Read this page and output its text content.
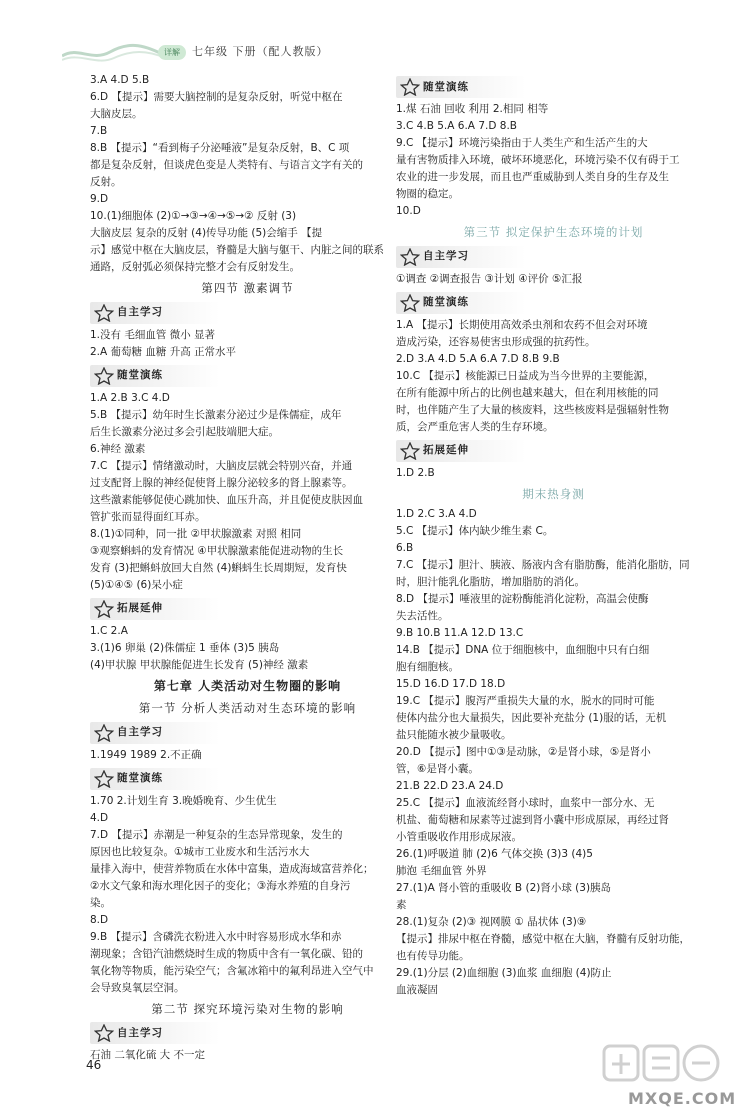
详解	七年级 下册（配人教版）
3.A 4.D 5.B
6.D 【提示】需要大脑控制的是复杂反射，听觉中枢在
大脑皮层。
7.B
8.B 【提示】“看到梅子分泌唾液”是复杂反射，B、C 项
都是复杂反射，但谈虎色变是人类特有、与语言文字有关的
反射。
9.D
10.(1)细胞体 (2)①→③→④→⑤→② 反射 (3)
大脑皮层 复杂的反射 (4)传导功能 (5)会缩手 【提
示】感觉中枢在大脑皮层，脊髓是大脑与躯干、内脏之间的联系
通路，反射弧必须保持完整才会有反射发生。
第四节 激素调节
自主学习
1.没有 毛细血管 微小 显著
2.A 葡萄糖 血糖 升高 正常水平
随堂演练
1.A 2.B 3.C 4.D
5.B 【提示】幼年时生长激素分泌过少是侏儒症，成年
后生长激素分泌过多会引起肢端肥大症。
6.神经 激素
7.C 【提示】情绪激动时，大脑皮层就会特别兴奋，并通
过支配肾上腺的神经促使肾上腺分泌较多的肾上腺素等。
这些激素能够促使心跳加快、血压升高，并且促使皮肤因血
管扩张而显得面红耳赤。
8.(1)①同种，同一批 ②甲状腺激素 对照 相同
③观察蝌蚪的发育情况 ④甲状腺激素能促进动物的生长
发育 (3)把蝌蚪放回大自然 (4)蝌蚪生长周期短，发育快
(5)①④⑤ (6)呆小症
拓展延伸
1.C 2.A
3.(1)6 卵巢 (2)侏儒症 1 垂体 (3)5 胰岛
(4)甲状腺 甲状腺能促进生长发育 (5)神经 激素
第七章 人类活动对生物圈的影响
第一节 分析人类活动对生态环境的影响
自主学习
1.1949 1989 2.不正确
随堂演练
1.70 2.计划生育 3.晚婚晚育、少生优生
4.D
7.D 【提示】赤潮是一种复杂的生态异常现象，发生的
原因也比较复杂。①城市工业废水和生活污水大
量排入海中，使营养物质在水体中富集，造成海域富营养化；
②水文气象和海水理化因子的变化；③海水养殖的自身污
染。
8.D
9.B 【提示】含磷洗衣粉进入水中时容易形成水华和赤
潮现象；含铅汽油燃烧时生成的物质中含有一氧化碳、铅的
氧化物等物质，能污染空气；含氟冰箱中的氟利昂进入空气中
会导致臭氧层空洞。
第二节 探究环境污染对生物的影响
自主学习
石油 二氧化硫 大 不一定
随堂演练
1.煤 石油 回收 利用 2.相同 相等
3.C 4.B 5.A 6.A 7.D 8.B
9.C 【提示】环境污染指由于人类生产和生活产生的大
量有害物质排入环境，破坏环境恶化，环境污染不仅有碍于工
农业的进一步发展，而且也严重威胁到人类自身的生存及生
物圈的稳定。
10.D
第三节 拟定保护生态环境的计划
自主学习
①调查 ②调查报告 ③计划 ④评价 ⑤汇报
随堂演练
1.A 【提示】长期使用高效杀虫剂和农药不但会对环境
造成污染，还容易使害虫形成强的抗药性。
2.D 3.A 4.D 5.A 6.A 7.D 8.B 9.B
10.C 【提示】核能源已日益成为当今世界的主要能源，
在所有能源中所占的比例也越来越大，但在利用核能的同
时，也伴随产生了大量的核废料，这些核废料是强辐射性物
质，会严重危害人类的生存环境。
拓展延伸
1.D 2.B
期末热身测
1.D 2.C 3.A 4.D
5.C 【提示】体内缺少维生素 C。
6.B
7.C 【提示】胆汁、胰液、肠液内含有脂肪酶，能消化脂肪，同
时，胆汁能乳化脂肪，增加脂肪的消化。
8.D 【提示】唾液里的淀粉酶能消化淀粉，高温会使酶
失去活性。
9.B 10.B 11.A 12.D 13.C
14.B 【提示】DNA 位于细胞核中，血细胞中只有白细
胞有细胞核。
15.D 16.D 17.D 18.D
19.C 【提示】腹泻严重损失大量的水，脱水的同时可能
使体内盐分也大量损失，因此要补充盐分 (1)服的话，无机
盐只能随水被少量吸收。
20.D 【提示】图中①③是动脉，②是肾小球，⑤是肾小
管，⑥是肾小囊。
21.B 22.D 23.A 24.D
25.C 【提示】血液流经肾小球时，血浆中一部分水、无
机盐、葡萄糖和尿素等过滤到肾小囊中形成原尿，再经过肾
小管重吸收作用形成尿液。
26.(1)呼吸道 肺 (2)6 气体交换 (3)3 (4)5
肺泡 毛细血管 外界
27.(1)A 肾小管的重吸收 B (2)肾小球 (3)胰岛
素
28.(1)复杂 (2)③ 视网膜 ① 晶状体 (3)⑨
【提示】排尿中枢在脊髓，感觉中枢在大脑，脊髓有反射功能，
也有传导功能。
29.(1)分层 (2)血细胞 (3)血浆 血细胞 (4)防止
血液凝固
46
MXQE.COM
